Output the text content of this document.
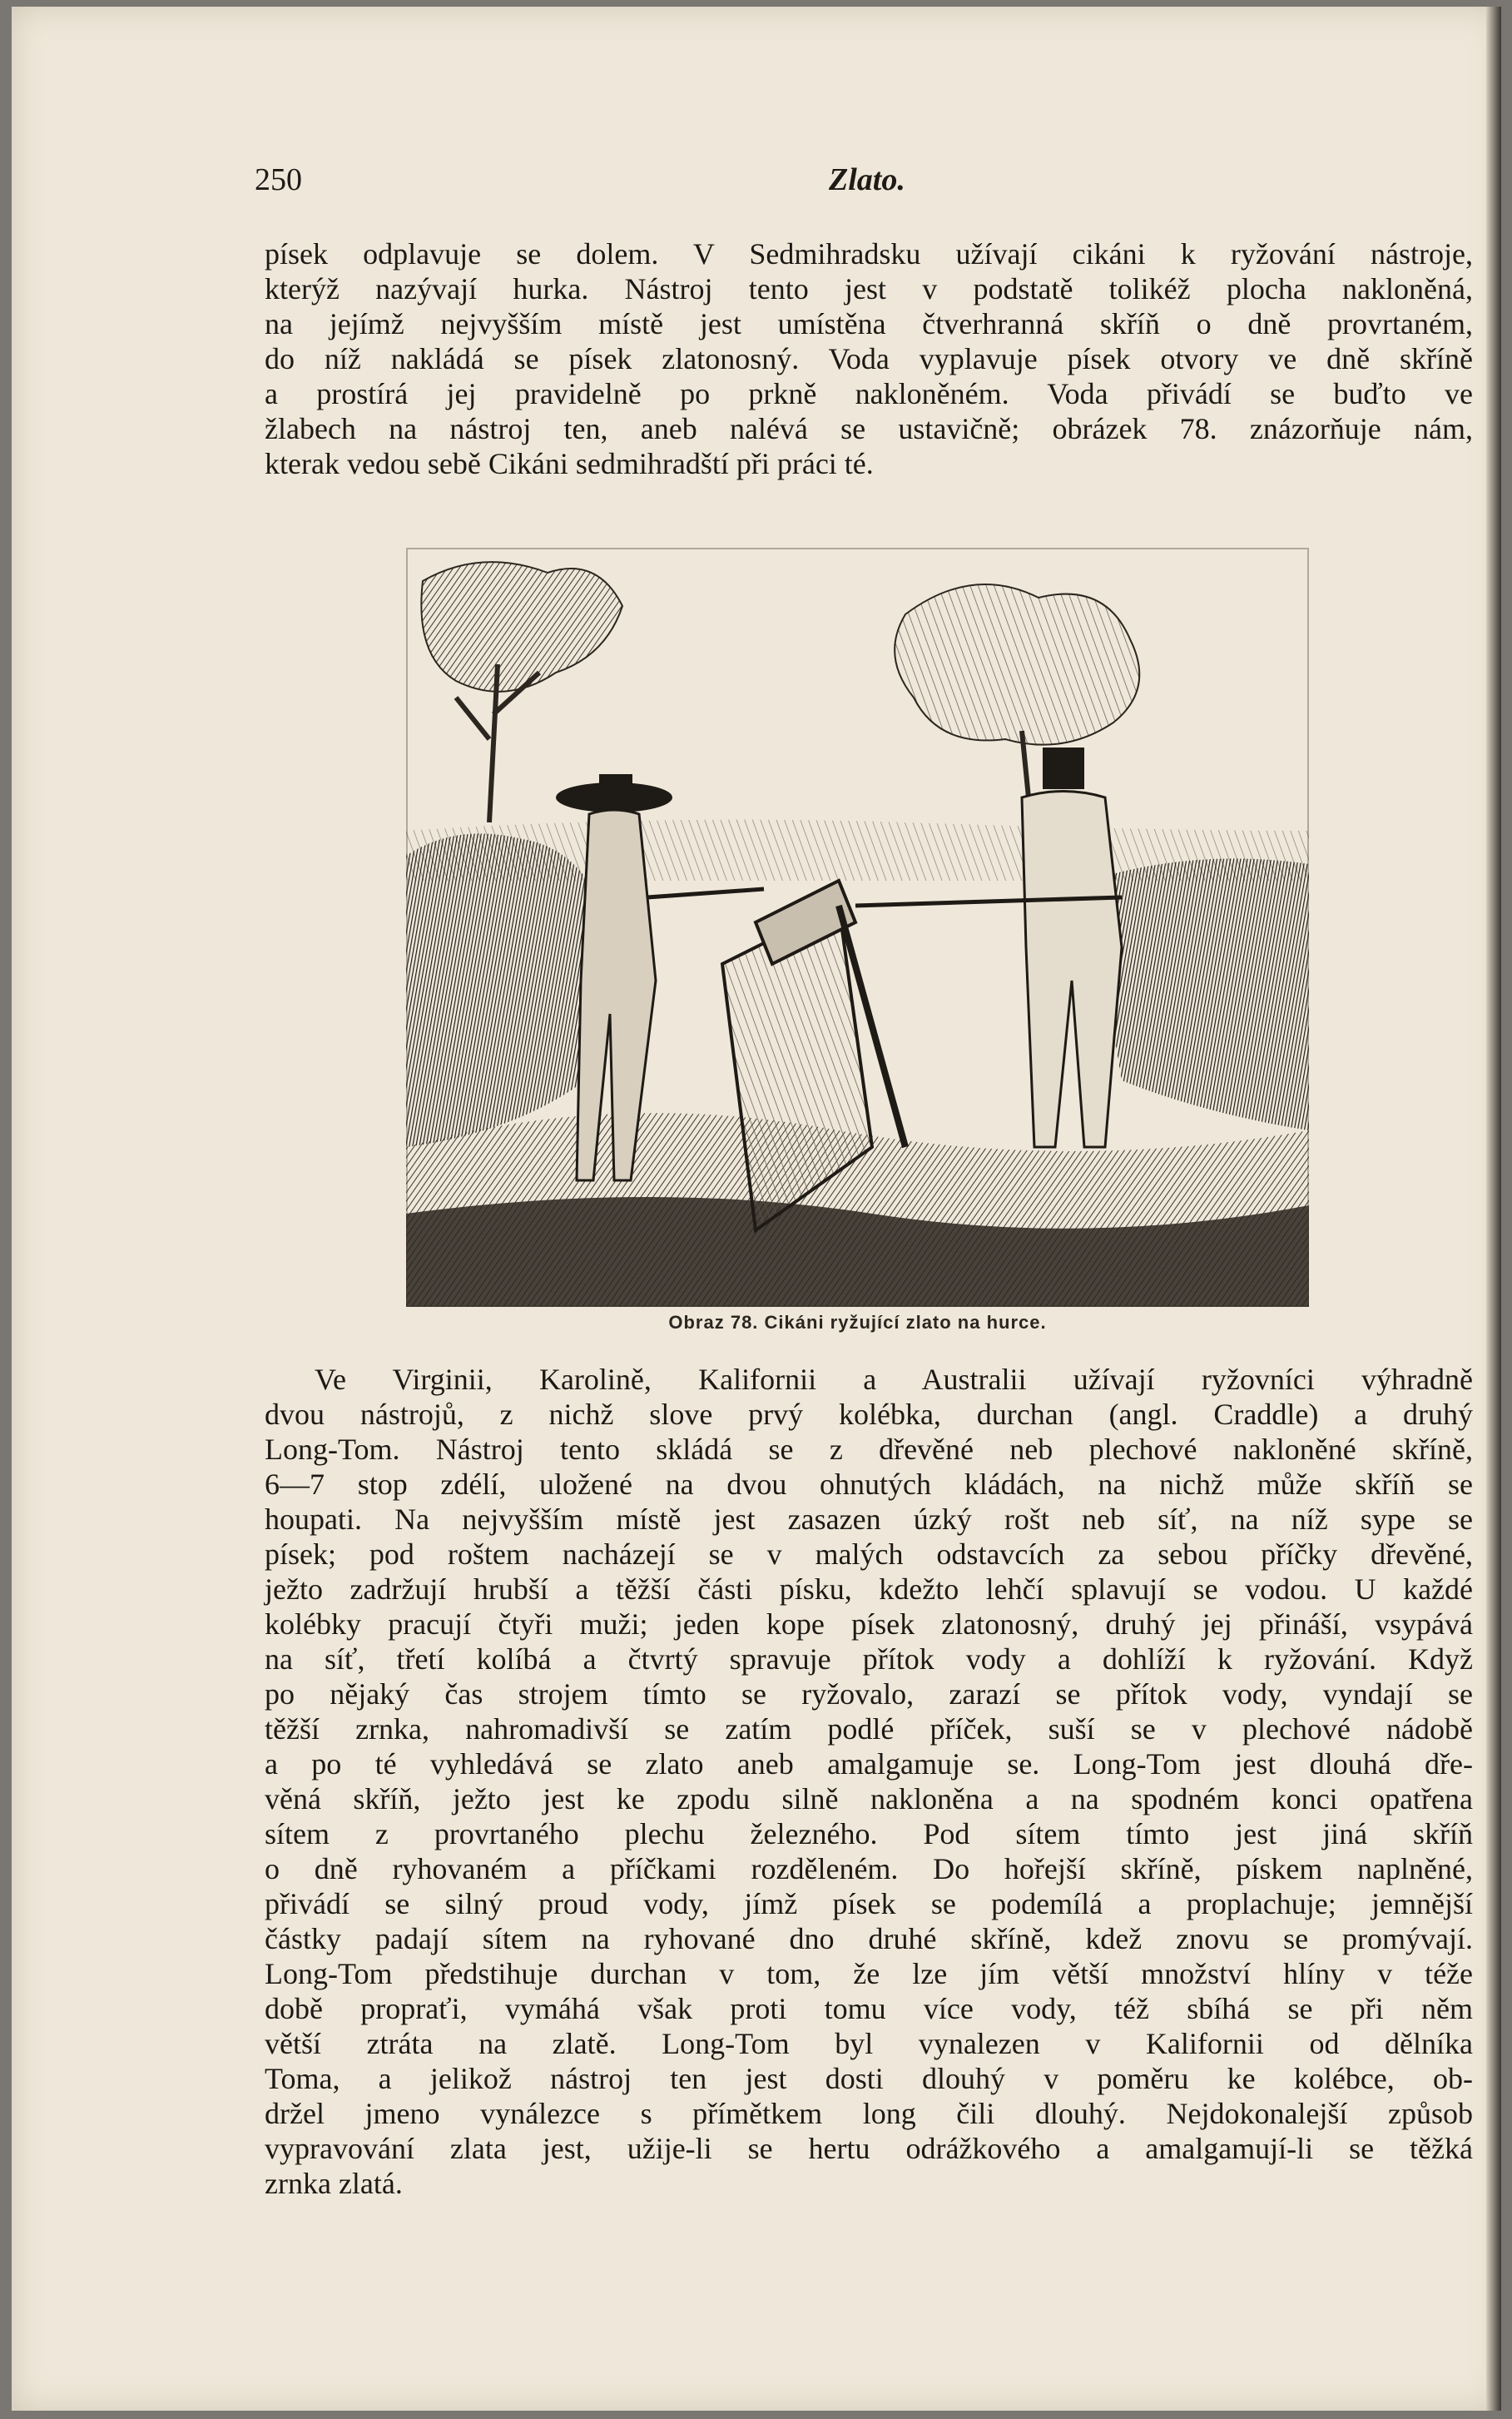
250	Zlato.
písek odplavuje se dolem. V Sedmihradsku užívají cikáni k ryžování nástroje,
kterýž nazývají hurka. Nástroj tento jest v podstatě tolikéž plocha nakloněná,
na jejímž nejvyšším místě jest umístěna čtverhranná skříň o dně provrtaném,
do níž nakládá se písek zlatonosný. Voda vyplavuje písek otvory ve dně skříně
a prostírá jej pravidelně po prkně nakloněném. Voda přivádí se buďto ve
žlabech na nástroj ten, aneb nalévá se ustavičně; obrázek 78. znázorňuje nám,
kterak vedou sebě Cikáni sedmihradští při práci té.
Obraz 78. Cikáni ryžující zlato na hurce.
Ve Virginii, Karolině, Kalifornii a Australii užívají ryžovníci výhradně
dvou nástrojů, z nichž slove prvý kolébka, durchan (angl. Craddle) a druhý
Long-Tom. Nástroj tento skládá se z dřevěné neb plechové nakloněné skříně,
6—7 stop zdélí, uložené na dvou ohnutých kládách, na nichž může skříň se
houpati. Na nejvyšším místě jest zasazen úzký rošt neb síť, na níž sype se
písek; pod roštem nacházejí se v malých odstavcích za sebou příčky dřevěné,
ježto zadržují hrubší a těžší části písku, kdežto lehčí splavují se vodou. U každé
kolébky pracují čtyři muži; jeden kope písek zlatonosný, druhý jej přináší, vsypává
na síť, třetí kolíbá a čtvrtý spravuje přítok vody a dohlíží k ryžování. Když
po nějaký čas strojem tímto se ryžovalo, zarazí se přítok vody, vyndají se
těžší zrnka, nahromadivší se zatím podlé příček, suší se v plechové nádobě
a po té vyhledává se zlato aneb amalgamuje se. Long-Tom jest dlouhá dře-
věná skříň, ježto jest ke zpodu silně nakloněna a na spodném konci opatřena
sítem z provrtaného plechu železného. Pod sítem tímto jest jiná skříň
o dně ryhovaném a příčkami rozděleném. Do hořejší skříně, pískem naplněné,
přivádí se silný proud vody, jímž písek se podemílá a proplachuje; jemnější
částky padají sítem na ryhované dno druhé skříně, kdež znovu se promývají.
Long-Tom předstihuje durchan v tom, že lze jím větší množství hlíny v téže
době propraťi, vymáhá však proti tomu více vody, též sbíhá se při něm
větší ztráta na zlatě. Long-Tom byl vynalezen v Kalifornii od dělníka
Toma, a jelikož nástroj ten jest dosti dlouhý v poměru ke kolébce, ob-
držel jmeno vynálezce s přímětkem long čili dlouhý. Nejdokonalejší způsob
vypravování zlata jest, užije-li se hertu odrážkového a amalgamují-li se těžká
zrnka zlatá.
